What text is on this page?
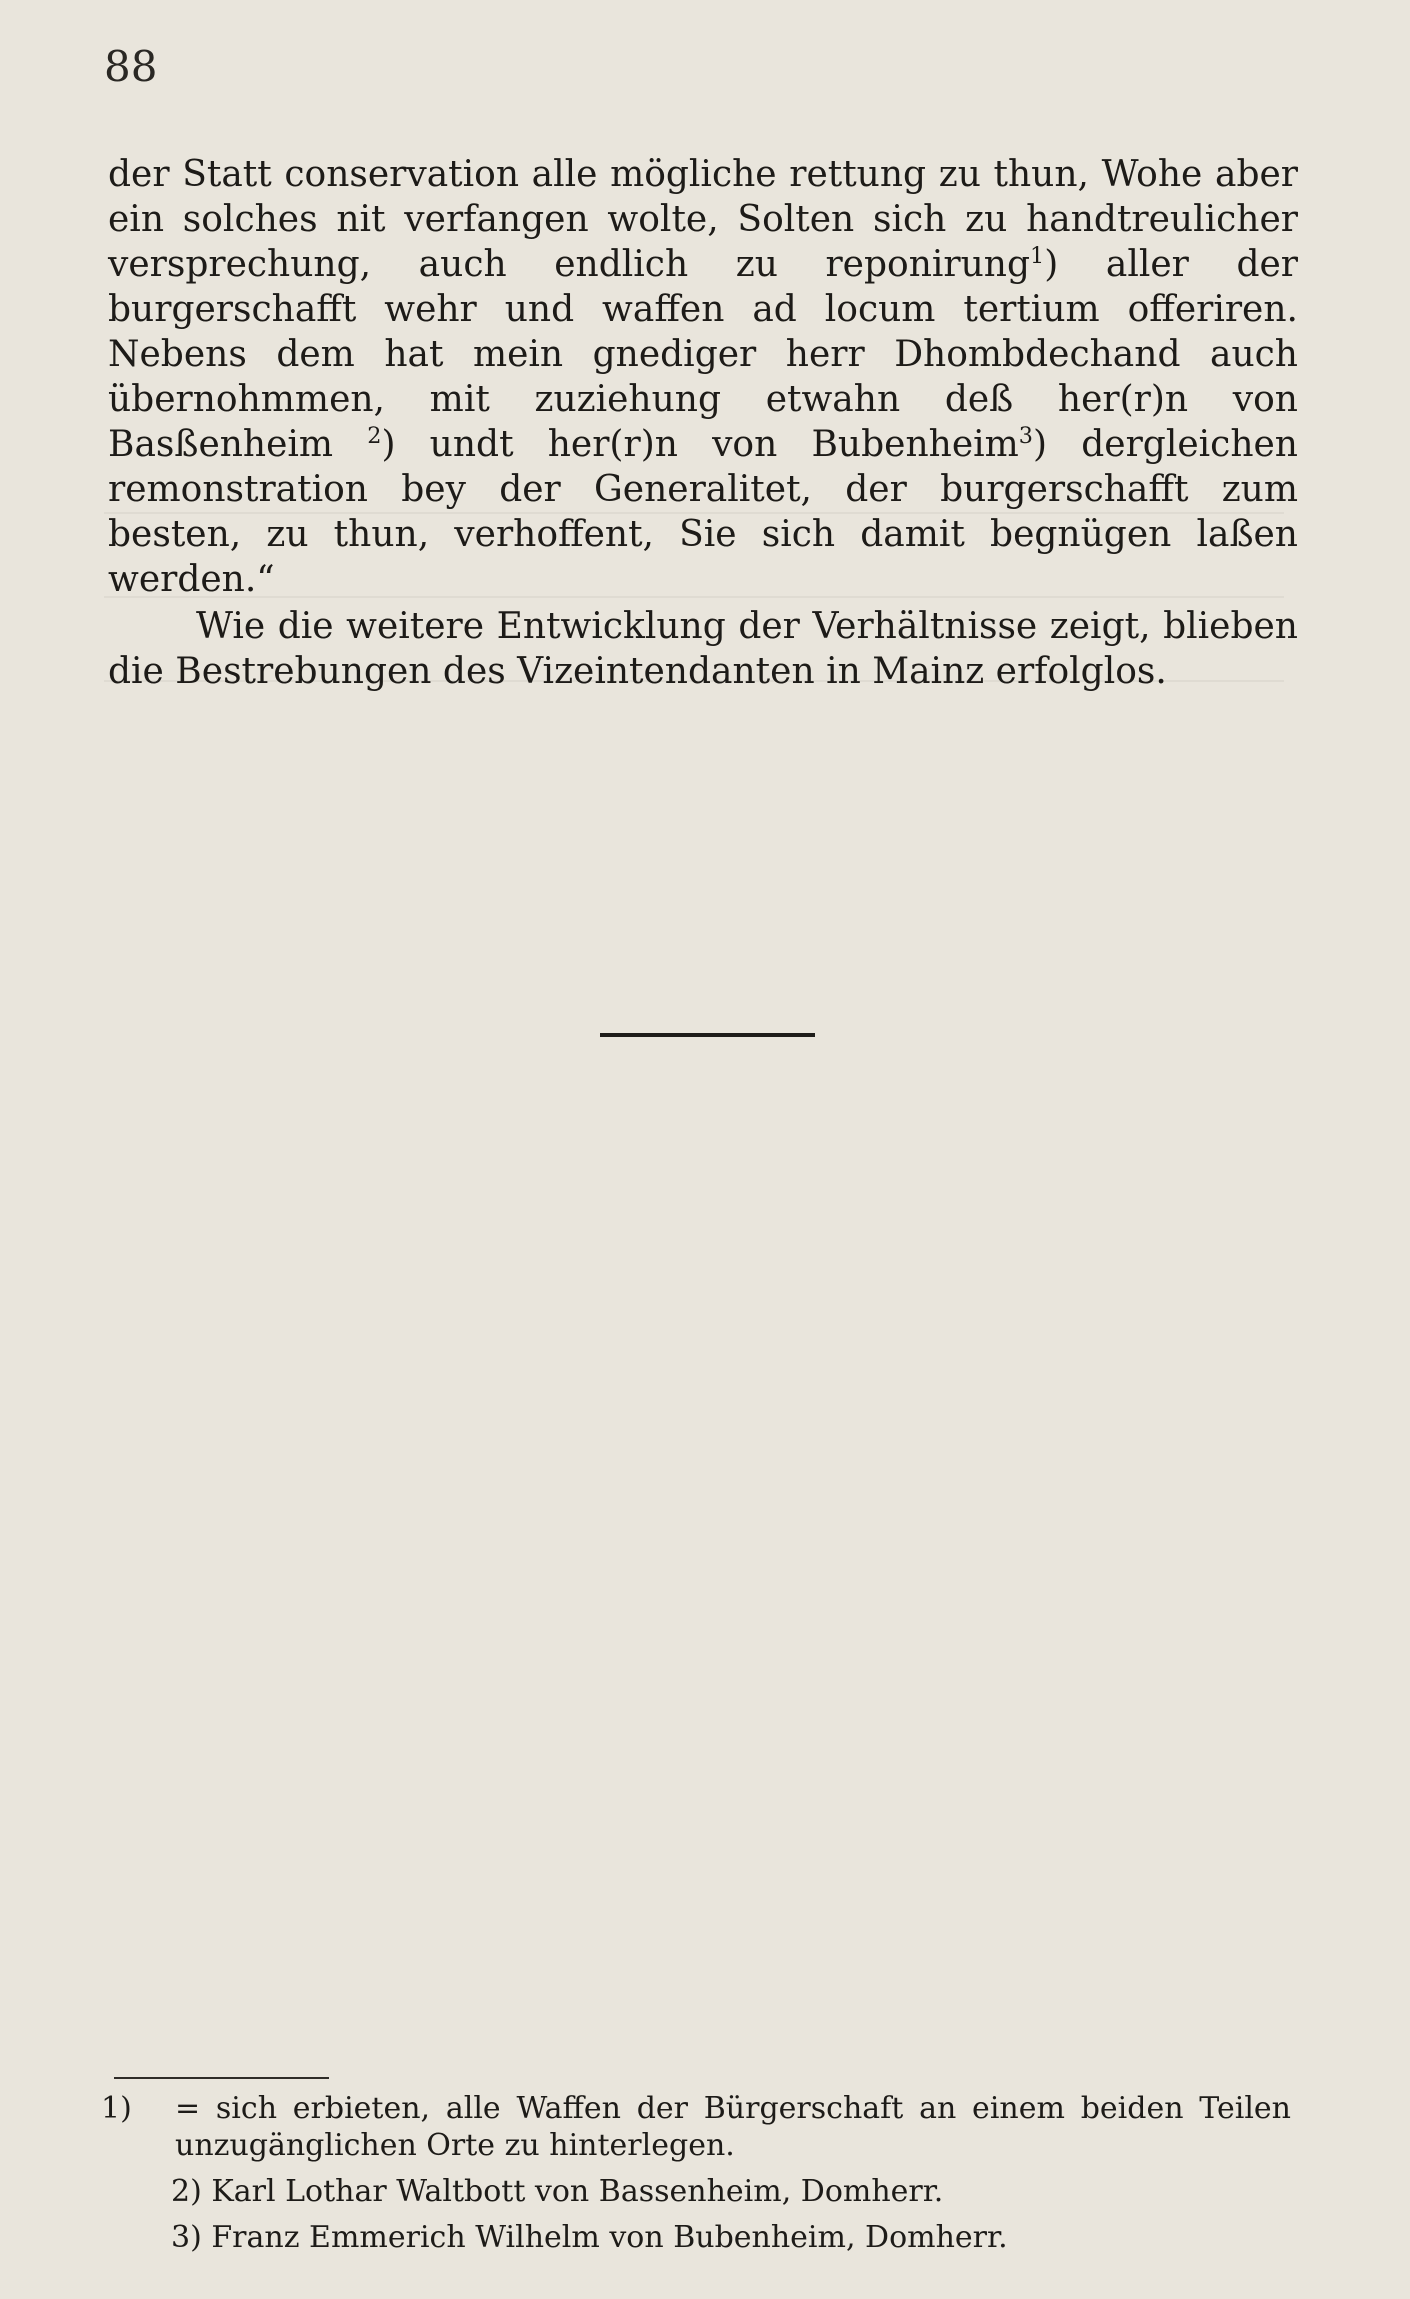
88

der Statt conservation alle mögliche rettung zu thun, Wohe aber ein solches nit verfangen wolte, Solten sich zu handtreulicher versprechung, auch endlich zu reponirung$^1$) aller der burgerschafft wehr und waffen ad locum tertium offeriren. Nebens dem hat mein gnediger herr Dhombdechand auch übernohmmen, mit zuziehung etwahn deß her(r)n von Basßenheim $^2$) undt her(r)n von Bubenheim$^3$) dergleichen remonstration bey der Generalitet, der burgerschafft zum besten, zu thun, verhoffent, Sie sich damit begnügen laßen werden.“

Wie die weitere Entwicklung der Verhältnisse zeigt, blieben die Bestrebungen des Vizeintendanten in Mainz erfolglos.

1) = sich erbieten, alle Waffen der Bürgerschaft an einem beiden Teilen unzugänglichen Orte zu hinterlegen.

2) Karl Lothar Waltbott von Bassenheim, Domherr.

3) Franz Emmerich Wilhelm von Bubenheim, Domherr.
